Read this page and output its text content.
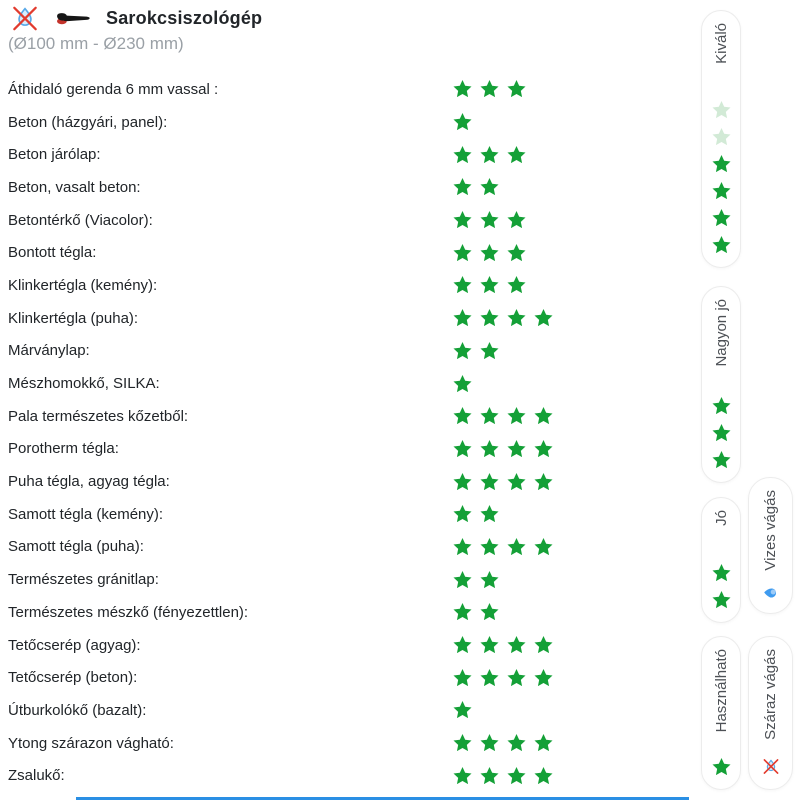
Sarokcsiszológép
(Ø100 mm - Ø230 mm)
Áthidaló gerenda 6 mm vassal :
Beton (házgyári, panel):
Beton járólap:
Beton, vasalt beton:
Betontérkő (Viacolor):
Bontott tégla:
Klinkertégla (kemény):
Klinkertégla (puha):
Márványlap:
Mészhomokkő, SILKA:
Pala természetes kőzetből:
Porotherm tégla:
Puha tégla, agyag tégla:
Samott tégla (kemény):
Samott tégla (puha):
Természetes gránitlap:
Természetes mészkő (fényezettlen):
Tetőcserép (agyag):
Tetőcserép (beton):
Útburkolókő (bazalt):
Ytong szárazon vágható:
Zsalukő:
Kiváló
Nagyon jó
Jó
Használható
Vizes vágás
Száraz vágás
